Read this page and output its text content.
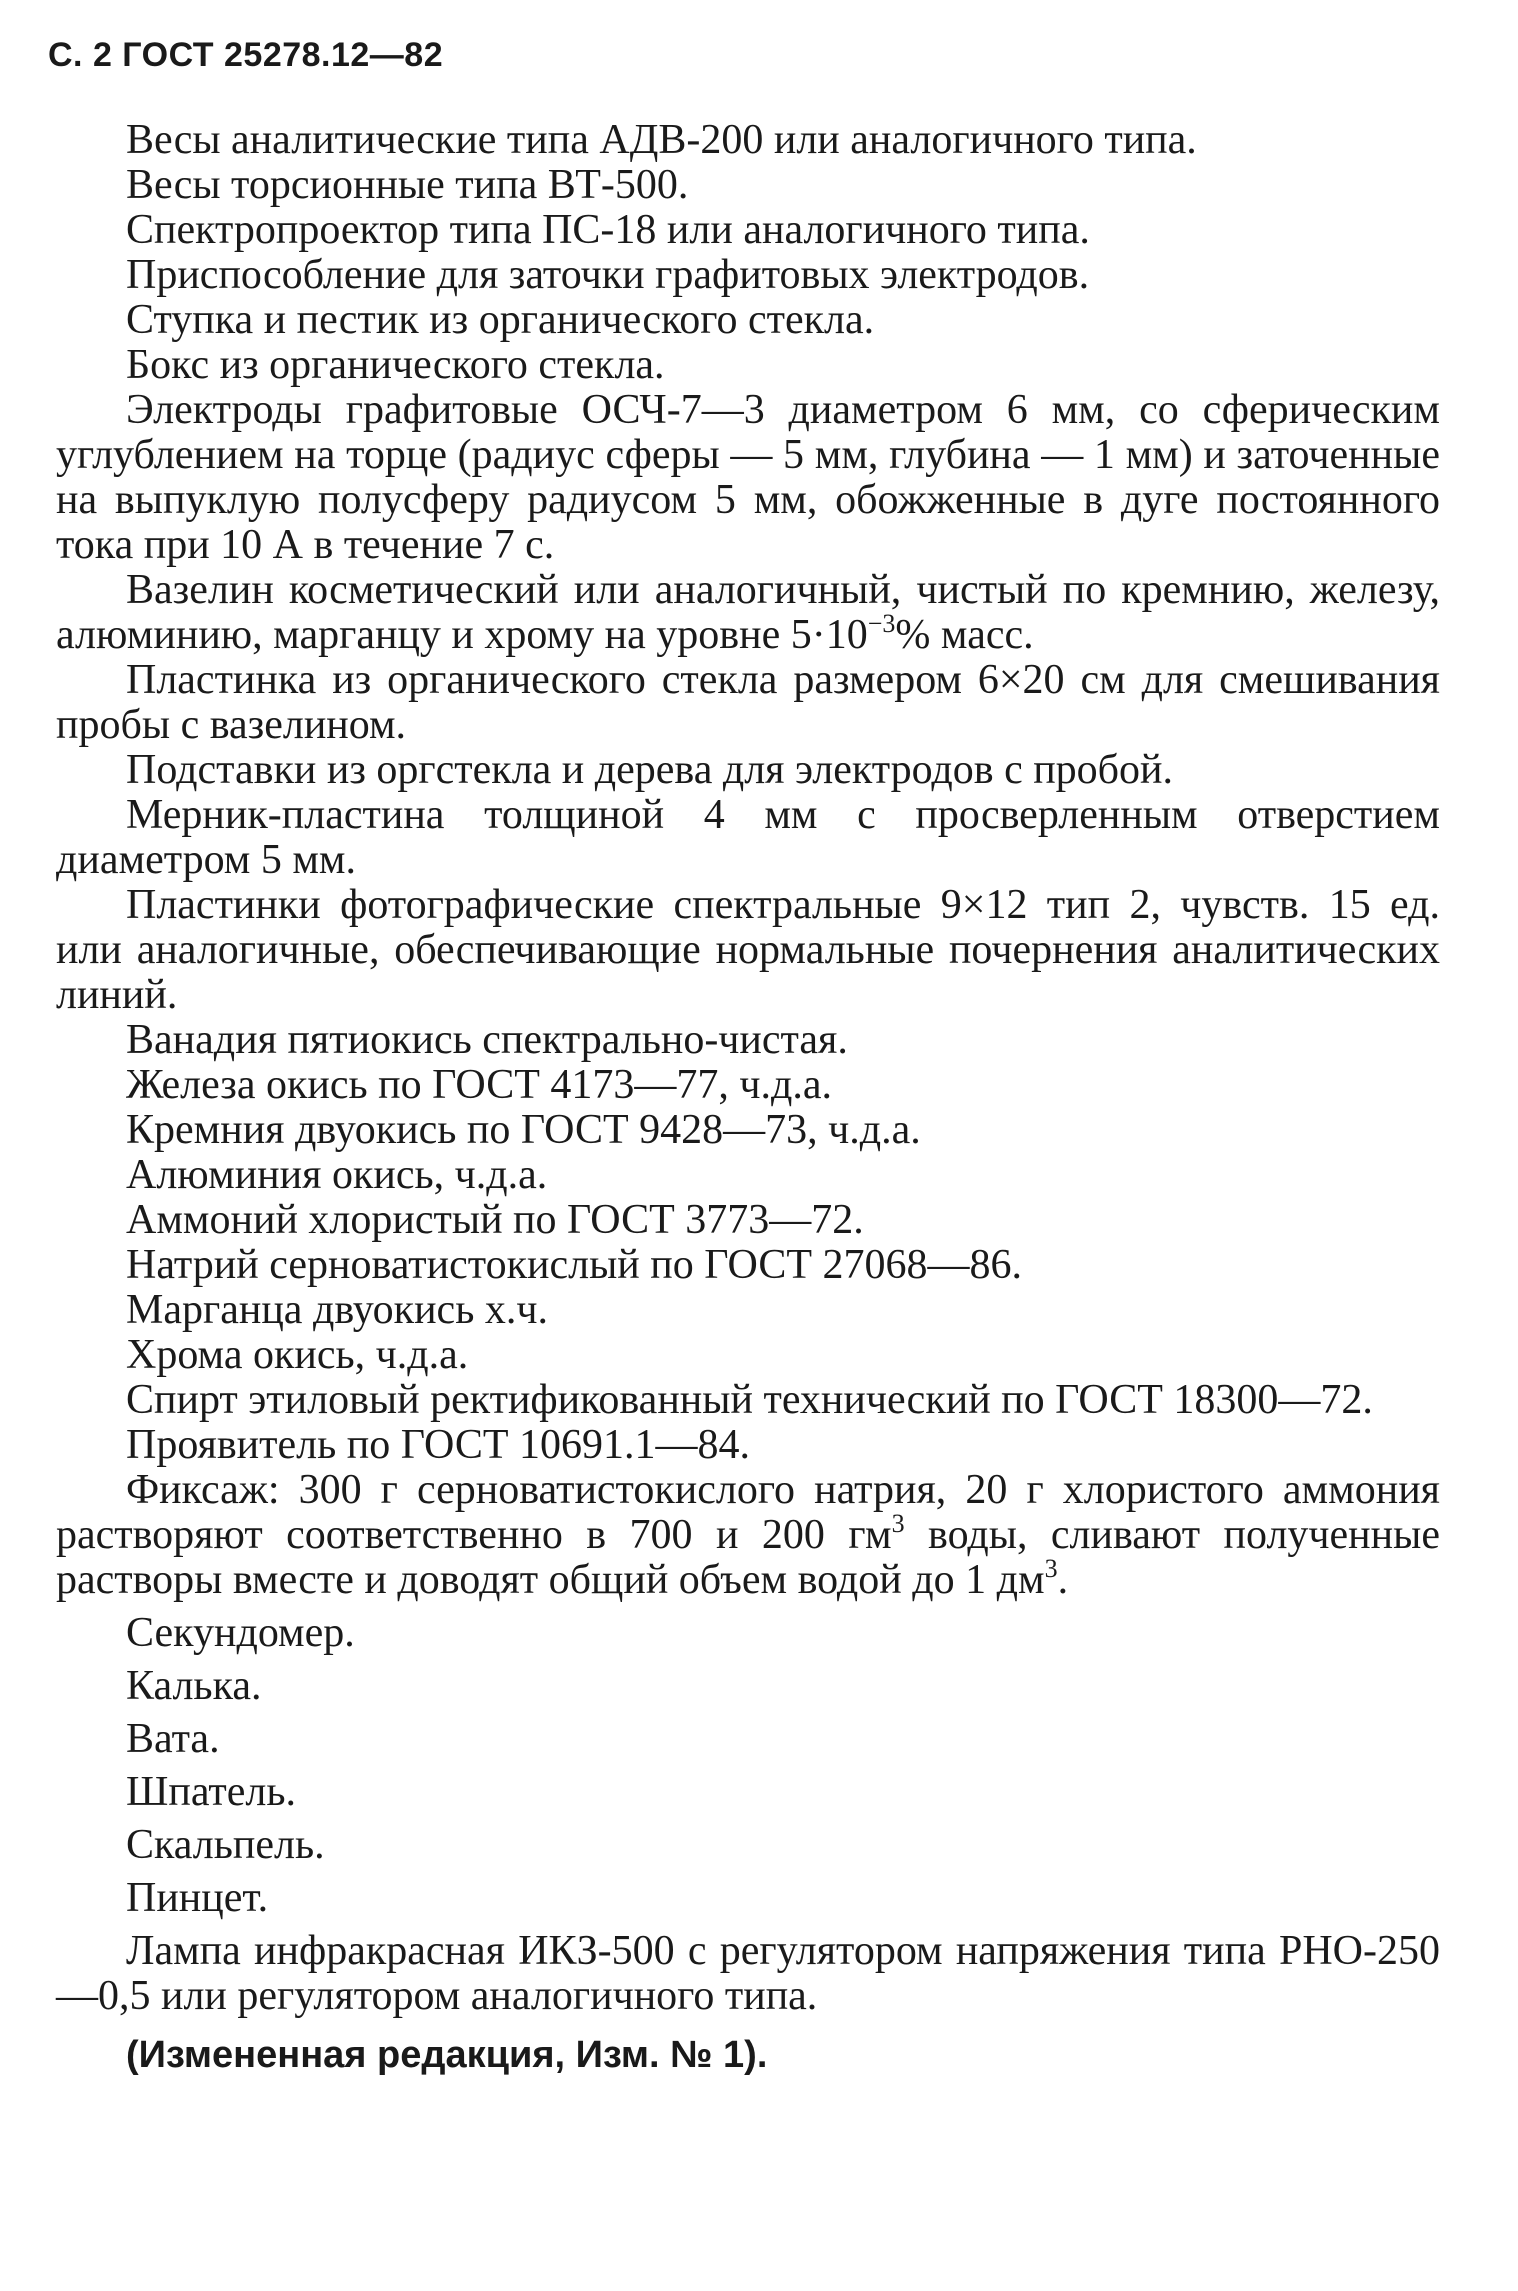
С. 2 ГОСТ 25278.12—82

Весы аналитические типа АДВ-200 или аналогичного типа.

Весы торсионные типа ВТ-500.

Спектропроектор типа ПС-18 или аналогичного типа.

Приспособление для заточки графитовых электродов.

Ступка и пестик из органического стекла.

Бокс из органического стекла.

Электроды графитовые ОСЧ-7—3 диаметром 6 мм, со сферическим углублением на торце (радиус сферы — 5 мм, глубина — 1 мм) и заточенные на выпуклую полусферу радиусом 5 мм, обожженные в дуге постоянного тока при 10 А в течение 7 с.

Вазелин косметический или аналогичный, чистый по кремнию, железу, алюминию, марганцу и хрому на уровне $5\cdot 10^{-3}\%$ масс.

Пластинка из органического стекла размером 6×20 см для смешивания пробы с вазелином.

Подставки из оргстекла и дерева для электродов с пробой.

Мерник-пластина толщиной 4 мм с просверленным отверстием диаметром 5 мм.

Пластинки фотографические спектральные 9×12 тип 2, чувств. 15 ед. или аналогичные, обеспечивающие нормальные почернения аналитических линий.

Ванадия пятиокись спектрально-чистая.

Железа окись по ГОСТ 4173—77, ч.д.а.

Кремния двуокись по ГОСТ 9428—73, ч.д.а.

Алюминия окись, ч.д.а.

Аммоний хлористый по ГОСТ 3773—72.

Натрий серноватистокислый по ГОСТ 27068—86.

Марганца двуокись х.ч.

Хрома окись, ч.д.а.

Спирт этиловый ректификованный технический по ГОСТ 18300—72.

Проявитель по ГОСТ 10691.1—84.

Фиксаж: 300 г серноватистокислого натрия, 20 г хлористого аммония растворяют соответственно в 700 и 200 $гм^3$ воды, сливают полученные растворы вместе и доводят общий объем водой до 1 $дм^3$.

Секундомер.

Калька.

Вата.

Шпатель.

Скальпель.

Пинцет.

Лампа инфракрасная ИКЗ-500 с регулятором напряжения типа РНО-250—0,5 или регулятором аналогичного типа.

(Измененная редакция, Изм. № 1).
